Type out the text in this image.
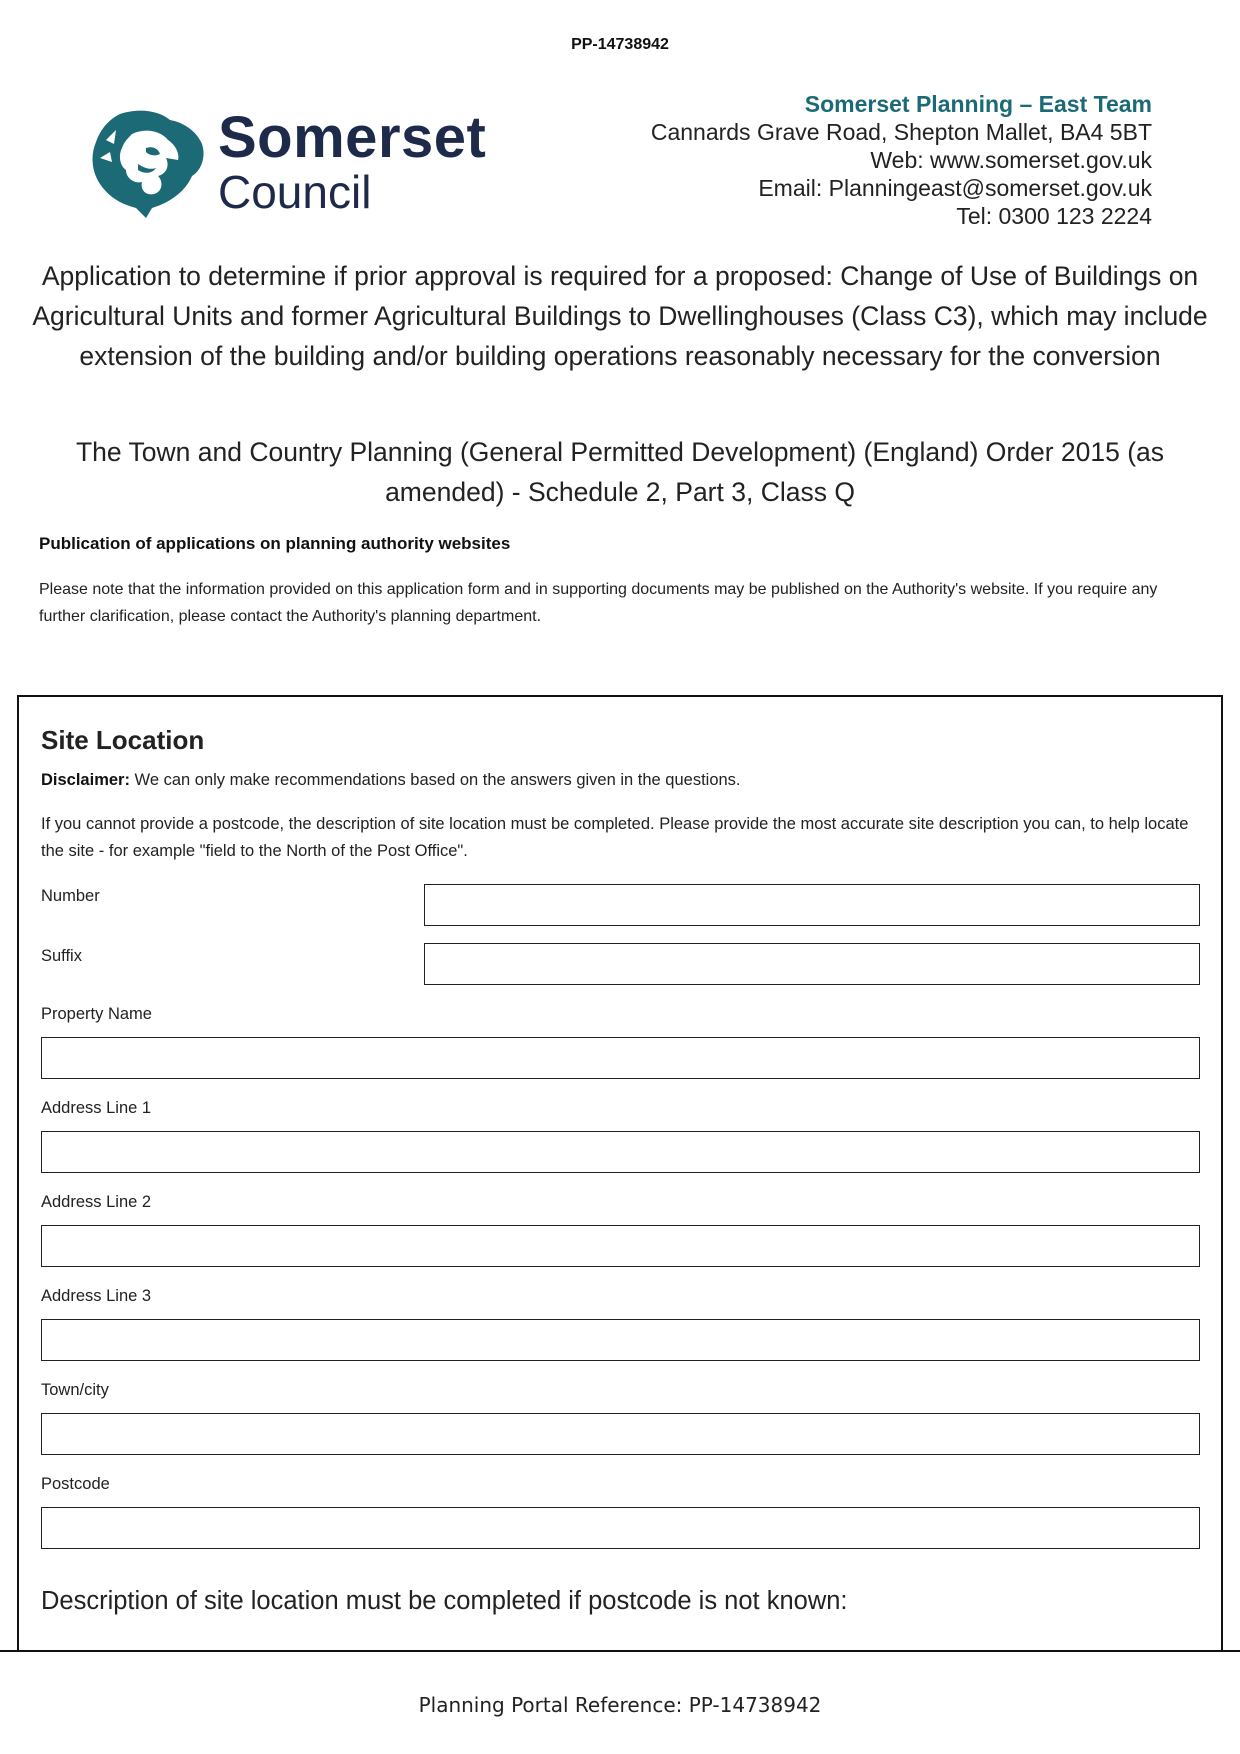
PP-14738942
Somerset
Council
Somerset Planning – East Team
Cannards Grave Road, Shepton Mallet, BA4 5BT
Web: www.somerset.gov.uk
Email: Planningeast@somerset.gov.uk
Tel: 0300 123 2224
Application to determine if prior approval is required for a proposed: Change of Use of Buildings on Agricultural Units and former Agricultural Buildings to Dwellinghouses (Class C3), which may include extension of the building and/or building operations reasonably necessary for the conversion
The Town and Country Planning (General Permitted Development) (England) Order 2015 (as amended) - Schedule 2, Part 3, Class Q
Publication of applications on planning authority websites
Please note that the information provided on this application form and in supporting documents may be published on the Authority's website. If you require any further clarification, please contact the Authority's planning department.
Site Location
Disclaimer: We can only make recommendations based on the answers given in the questions.
If you cannot provide a postcode, the description of site location must be completed. Please provide the most accurate site description you can, to help locate the site - for example "field to the North of the Post Office".
Number
Suffix
Property Name
Address Line 1
Address Line 2
Address Line 3
Town/city
Postcode
Description of site location must be completed if postcode is not known:
Planning Portal Reference: PP-14738942
